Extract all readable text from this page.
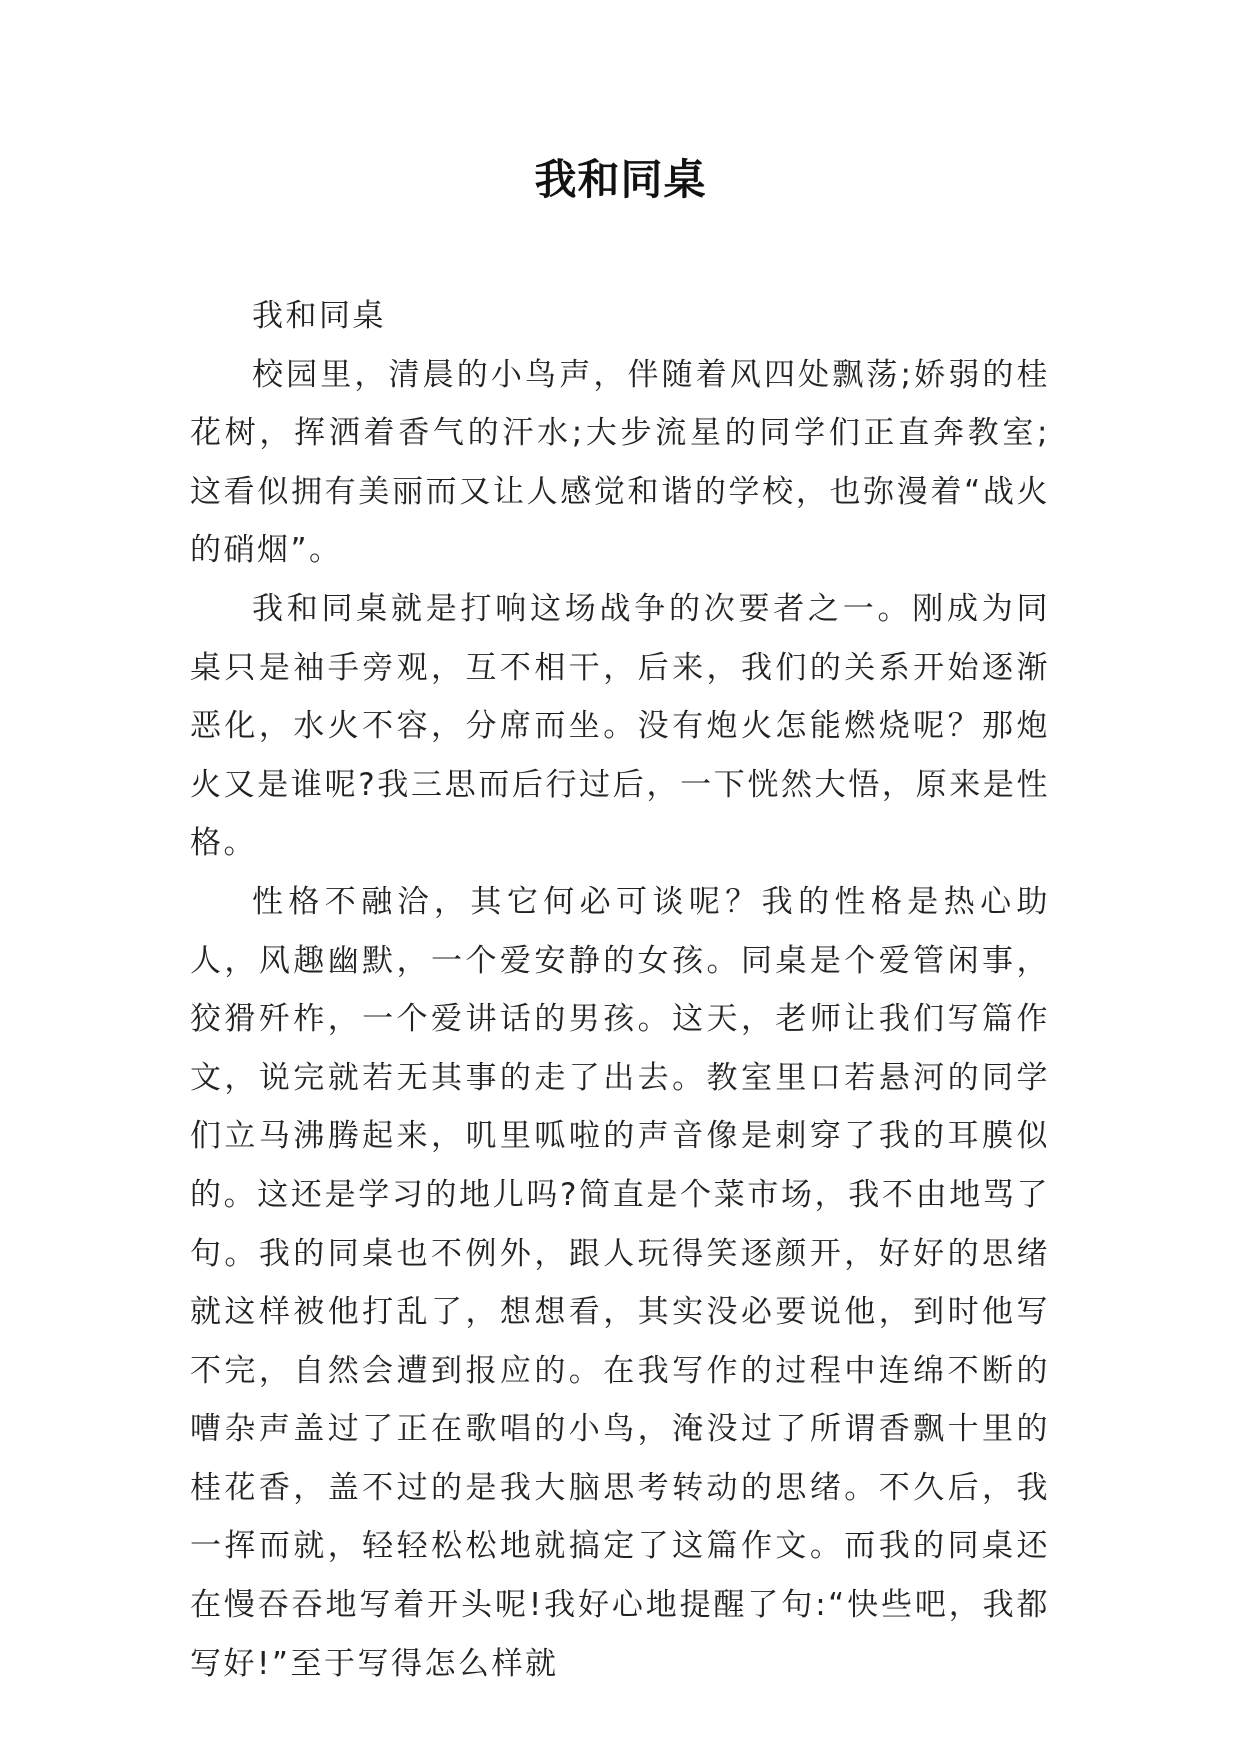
我和同桌

我和同桌

校园里，清晨的小鸟声，伴随着风四处飘荡;娇弱的桂花树，挥洒着香气的汗水;大步流星的同学们正直奔教室;这看似拥有美丽而又让人感觉和谐的学校，也弥漫着“战火的硝烟”。

我和同桌就是打响这场战争的次要者之一。刚成为同桌只是袖手旁观，互不相干，后来，我们的关系开始逐渐恶化，水火不容，分席而坐。没有炮火怎能燃烧呢？那炮火又是谁呢?我三思而后行过后，一下恍然大悟，原来是性格。

性格不融洽，其它何必可谈呢？我的性格是热心助人，风趣幽默，一个爱安静的女孩。同桌是个爱管闲事，狡猾歼柞，一个爱讲话的男孩。这天，老师让我们写篇作文，说完就若无其事的走了出去。教室里口若悬河的同学们立马沸腾起来，叽里呱啦的声音像是刺穿了我的耳膜似的。这还是学习的地儿吗?简直是个菜市场，我不由地骂了句。我的同桌也不例外，跟人玩得笑逐颜开，好好的思绪就这样被他打乱了，想想看，其实没必要说他，到时他写不完，自然会遭到报应的。在我写作的过程中连绵不断的嘈杂声盖过了正在歌唱的小鸟，淹没过了所谓香飘十里的桂花香，盖不过的是我大脑思考转动的思绪。不久后，我一挥而就，轻轻松松地就搞定了这篇作文。而我的同桌还在慢吞吞地写着开头呢!我好心地提醒了句:“快些吧，我都写好!”至于写得怎么样就
